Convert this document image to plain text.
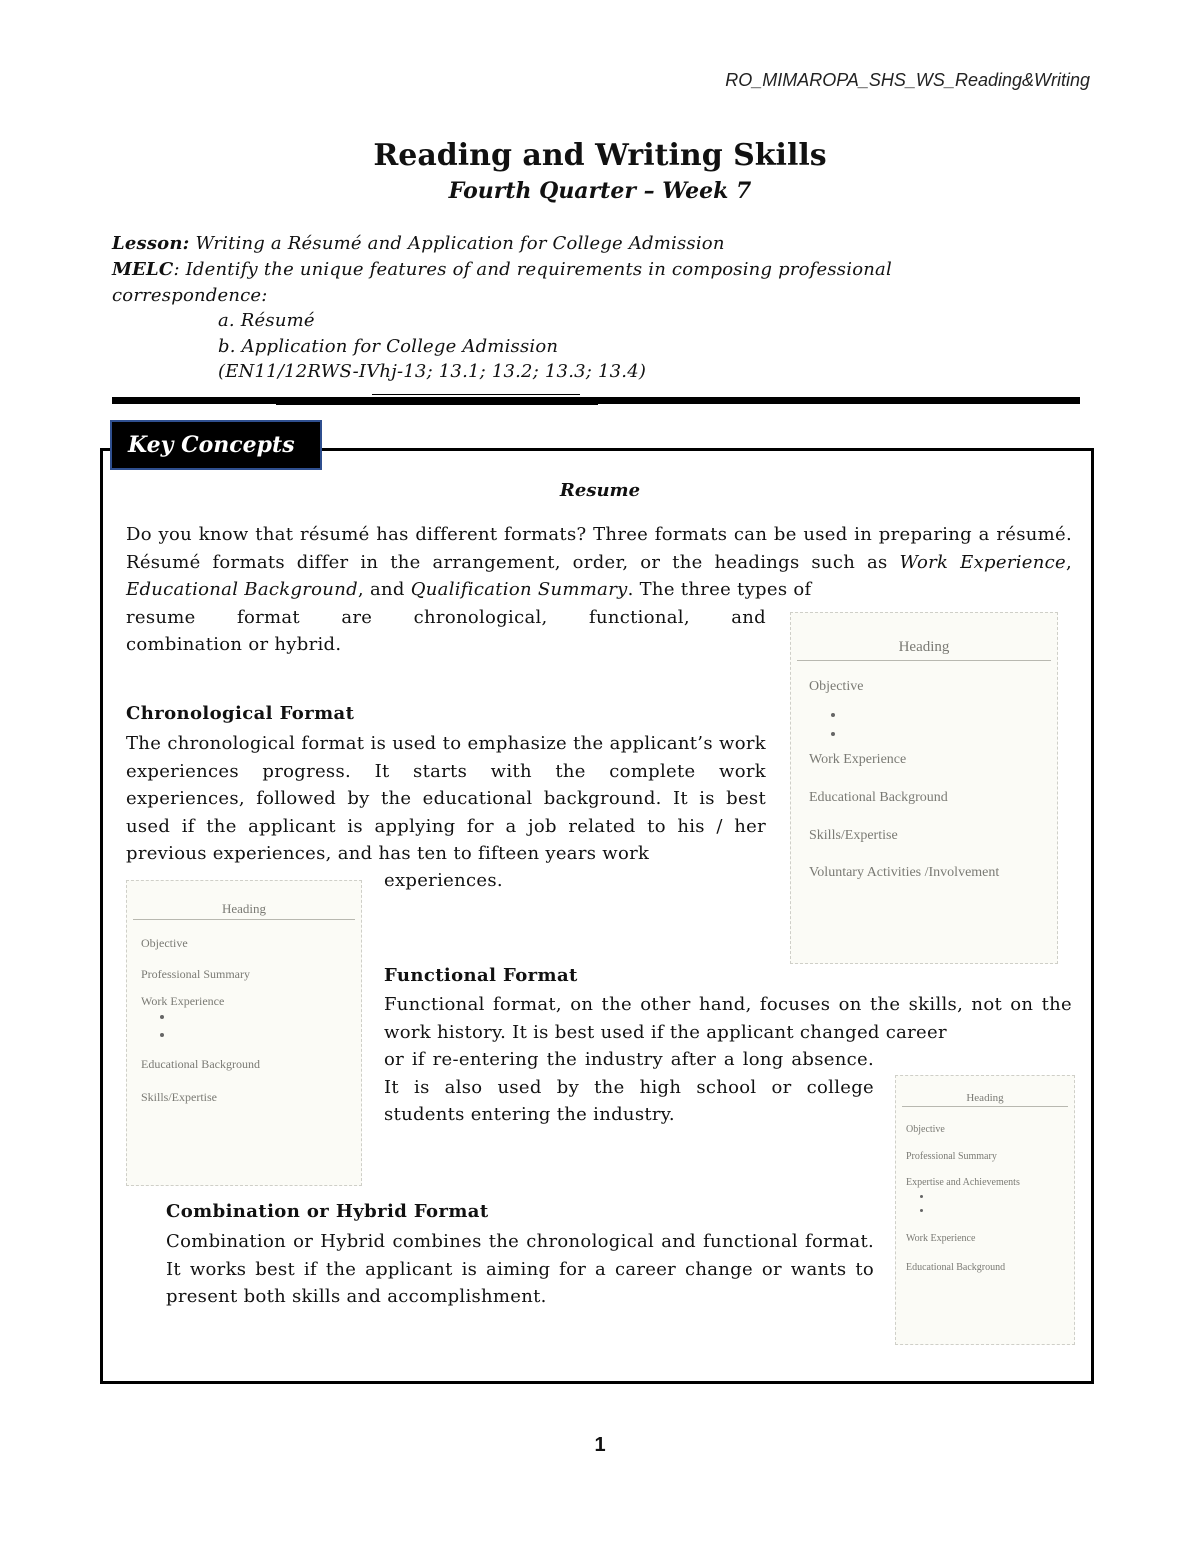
RO_MIMAROPA_SHS_WS_Reading&Writing
Reading and Writing Skills
Fourth Quarter – Week 7
Lesson: Writing a Résumé and Application for College Admission
MELC: Identify the unique features of and requirements in composing professional
correspondence:
a. Résumé
b. Application for College Admission
(EN11/12RWS-IVhj-13; 13.1; 13.2; 13.3; 13.4)
Key Concepts
Resume
Do you know that résumé has different formats? Three formats can be used in preparing a résumé. Résumé formats differ in the arrangement, order, or the headings such as Work Experience, Educational Background, and Qualification Summary. The three types of
resume format are chronological, functional, and
combination or hybrid.
Chronological Format
The chronological format is used to emphasize the applicant’s work experiences progress. It starts with the complete work experiences, followed by the educational background. It is best used if the applicant is applying for a job related to his / her previous experiences, and has ten to fifteen years work
experiences.
Functional Format
Functional format, on the other hand, focuses on the skills, not on the work history. It is best used if the applicant changed career
or if re-entering the industry after a long absence. It is also used by the high school or college students entering the industry.
Combination or Hybrid Format
Combination or Hybrid combines the chronological and functional format. It works best if the applicant is aiming for a career change or wants to present both skills and accomplishment.
Heading
Objective
Work Experience
Educational Background
Skills/Expertise
Voluntary Activities /Involvement
Heading
Objective
Professional Summary
Work Experience
Educational Background
Skills/Expertise	Heading
Objective
Professional Summary
Expertise and Achievements
Work Experience
Educational Background
1
